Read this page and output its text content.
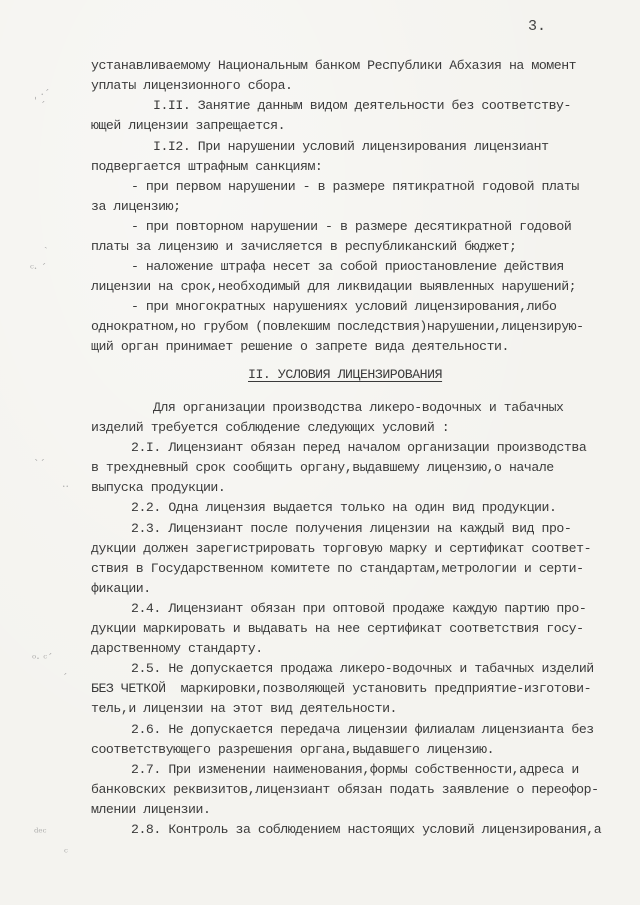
3.
ˌ ·ˊ
ˊ
ˎ
ᶜ· ˊ
ˋˊ
··
ᵒ· ᶜˊ
ˊ
ᵈᵉᶜ
ᶜ
устанавливаемому Национальным банком Республики Абхазия на момент
уплаты лицензионного сбора.
I.II. Занятие данным видом деятельности без соответству-
ющей лицензии запрещается.
I.I2. При нарушении условий лицензирования лицензиант
подвергается штрафным санкциям:
- при первом нарушении - в размере пятикратной годовой платы
за лицензию;
- при повторном нарушении - в размере десятикратной годовой
платы за лицензию и зачисляется в республиканский бюджет;
- наложение штрафа несет за собой приостановление действия
лицензии на срок,необходимый для ликвидации выявленных нарушений;
- при многократных нарушениях условий лицензирования,либо
однократном,но грубом (повлекшим последствия)нарушении,лицензирую-
щий орган принимает решение о запрете вида деятельности.
II. УСЛОВИЯ ЛИЦЕНЗИРОВАНИЯ
Для организации производства ликеро-водочных и табачных
изделий требуется соблюдение следующих условий :
2.I. Лицензиант обязан перед началом организации производства
в трехдневный срок сообщить органу,выдавшему лицензию,о начале
выпуска продукции.
2.2. Одна лицензия выдается только на один вид продукции.
2.3. Лицензиант после получения лицензии на каждый вид про-
дукции должен зарегистрировать торговую марку и сертификат соответ-
ствия в Государственном комитете по стандартам,метрологии и серти-
фикации.
2.4. Лицензиант обязан при оптовой продаже каждую партию про-
дукции маркировать и выдавать на нее сертификат соответствия госу-
дарственному стандарту.
2.5. Не допускается продажа ликеро-водочных и табачных изделий
БЕЗ ЧЕТКОЙ  маркировки,позволяющей установить предприятие-изготови-
тель,и лицензии на этот вид деятельности.
2.6. Не допускается передача лицензии филиалам лицензианта без
соответствующего разрешения органа,выдавшего лицензию.
2.7. При изменении наименования,формы собственности,адреса и
банковских реквизитов,лицензиант обязан подать заявление о переофор-
млении лицензии.
2.8. Контроль за соблюдением настоящих условий лицензирования,а
